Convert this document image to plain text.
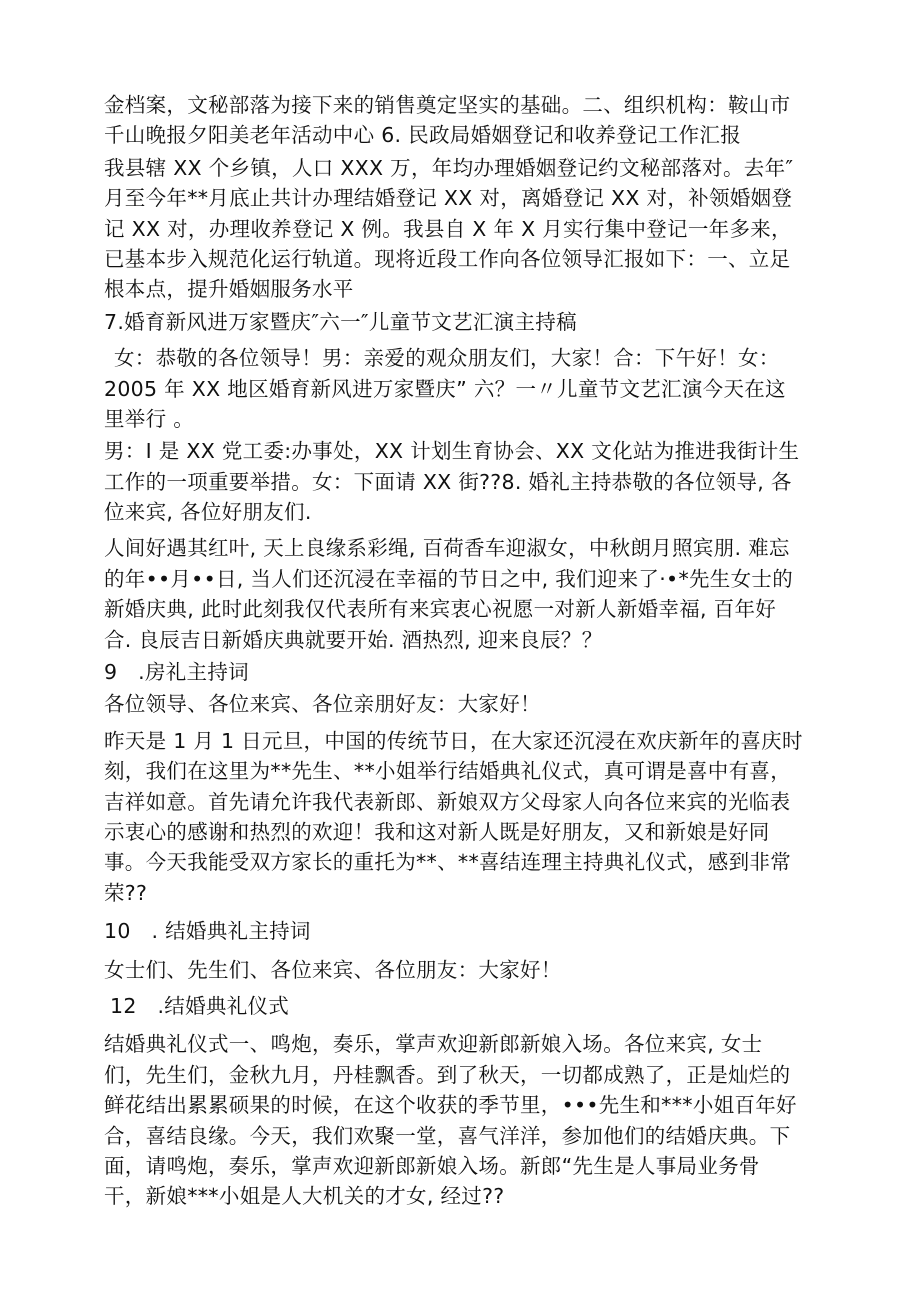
金档案，文秘部落为接下来的销售奠定坚实的基础。二、组织机构：鞍山市
千山晚报夕阳美老年活动中心 6. 民政局婚姻登记和收养登记工作汇报
我县辖 XX 个乡镇，人口 XXX 万，年均办理婚姻登记约文秘部落对。去年″
月至今年**月底止共计办理结婚登记 XX 对，离婚登记 XX 对，补领婚姻登
记 XX 对，办理收养登记 X 例。我县自 X 年 X 月实行集中登记一年多来，
已基本步入规范化运行轨道。现将近段工作向各位领导汇报如下：一、立足
根本点，提升婚姻服务水平
7.婚育新风进万家暨庆″六一″儿童节文艺汇演主持稿
女：恭敬的各位领导！男：亲爱的观众朋友们，大家！合：下午好！女：
2005 年 XX 地区婚育新风进万家暨庆” 六？一〃儿童节文艺汇演今天在这
里举行 。
男：I 是 XX 党工委:办事处，XX 计划生育协会、XX 文化站为推进我街计生
工作的一项重要举措。女：下面请 XX 街??8. 婚礼主持恭敬的各位领导, 各
位来宾, 各位好朋友们.
人间好遇其红叶, 天上良缘系彩绳, 百荷香车迎淑女，中秋朗月照宾朋. 难忘
的年••月••日, 当人们还沉浸在幸福的节日之中, 我们迎来了·•*先生女士的
新婚庆典, 此时此刻我仅代表所有来宾衷心祝愿一对新人新婚幸福, 百年好
合. 良辰吉日新婚庆典就要开始. 酒热烈, 迎来良辰？？
9　.房礼主持词
各位领导、各位来宾、各位亲朋好友：大家好！
昨天是 1 月 1 日元旦，中国的传统节日，在大家还沉浸在欢庆新年的喜庆时
刻，我们在这里为**先生、**小姐举行结婚典礼仪式，真可谓是喜中有喜，
吉祥如意。首先请允许我代表新郎、新娘双方父母家人向各位来宾的光临表
示衷心的感谢和热烈的欢迎！我和这对新人既是好朋友，又和新娘是好同
事。今天我能受双方家长的重托为**、**喜结连理主持典礼仪式，感到非常
荣??
10　. 结婚典礼主持词
女士们、先生们、各位来宾、各位朋友：大家好！
12　.结婚典礼仪式
结婚典礼仪式一、鸣炮，奏乐，掌声欢迎新郎新娘入场。各位来宾, 女士
们，先生们，金秋九月，丹桂飘香。到了秋天，一切都成熟了，正是灿烂的
鲜花结出累累硕果的时候，在这个收获的季节里，•••先生和***小姐百年好
合，喜结良缘。今天，我们欢聚一堂，喜气洋洋，参加他们的结婚庆典。下
面，请鸣炮，奏乐，掌声欢迎新郎新娘入场。新郎“先生是人事局业务骨
干，新娘***小姐是人大机关的才女, 经过??
